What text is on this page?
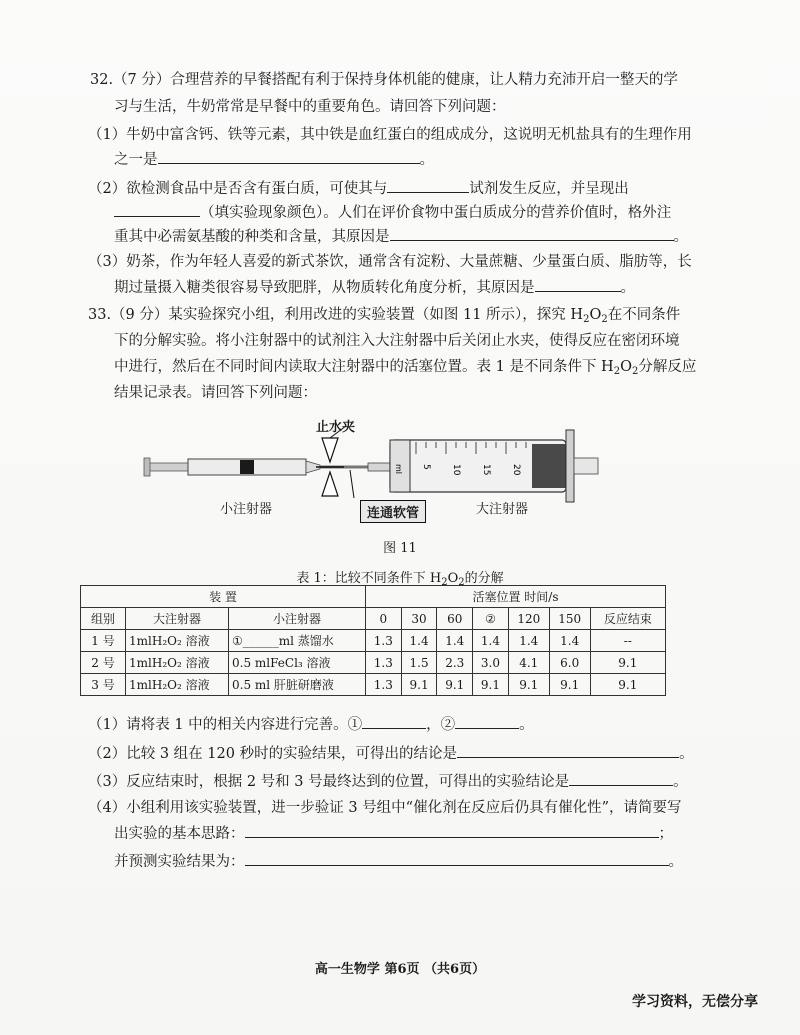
32.（7 分）合理营养的早餐搭配有利于保持身体机能的健康，让人精力充沛开启一整天的学
习与生活，牛奶常常是早餐中的重要角色。请回答下列问题：
（1）牛奶中富含钙、铁等元素，其中铁是血红蛋白的组成成分，这说明无机盐具有的生理作用
之一是	。
（2）欲检测食品中是否含有蛋白质，可使其与	试剂发生反应，并呈现出
（填实验现象颜色）。人们在评价食物中蛋白质成分的营养价值时，格外注
重其中必需氨基酸的种类和含量，其原因是	。
（3）奶茶，作为年轻人喜爱的新式茶饮，通常含有淀粉、大量蔗糖、少量蛋白质、脂肪等，长
期过量摄入糖类很容易导致肥胖，从物质转化角度分析，其原因是	。
33.（9 分）某实验探究小组，利用改进的实验装置（如图 11 所示），探究 $H_2O_2$在不同条件
下的分解实验。将小注射器中的试剂注入大注射器中后关闭止水夹，使得反应在密闭环境
中进行，然后在不同时间内读取大注射器中的活塞位置。表 1 是不同条件下 $H_2O_2$分解反应
结果记录表。请回答下列问题：
5 10 15 20
ml
止水夹
小注射器	连通软管	大注射器
图 11
表 1：比较不同条件下 $H_2O_2$的分解
装 置			活塞位置 时间/s						
组别	大注射器	小注射器	0	30	60	②	120	150	反应结束
1 号	1mlH₂O₂ 溶液	①______ml 蒸馏水	1.3	1.4	1.4	1.4	1.4	1.4	--
2 号	1mlH₂O₂ 溶液	0.5 mlFeCl₃ 溶液	1.3	1.5	2.3	3.0	4.1	6.0	9.1
3 号	1mlH₂O₂ 溶液	0.5 ml 肝脏研磨液	1.3	9.1	9.1	9.1	9.1	9.1	9.1
（1）请将表 1 中的相关内容进行完善。①	，②	。
（2）比较 3 组在 120 秒时的实验结果，可得出的结论是	。
（3）反应结束时，根据 2 号和 3 号最终达到的位置，可得出的实验结论是	。
（4）小组利用该实验装置，进一步验证 3 号组中“催化剂在反应后仍具有催化性”，请简要写
出实验的基本思路：	；
并预测实验结果为：	。
高一生物学 第6页 （共6页）
学习资料，无偿分享
